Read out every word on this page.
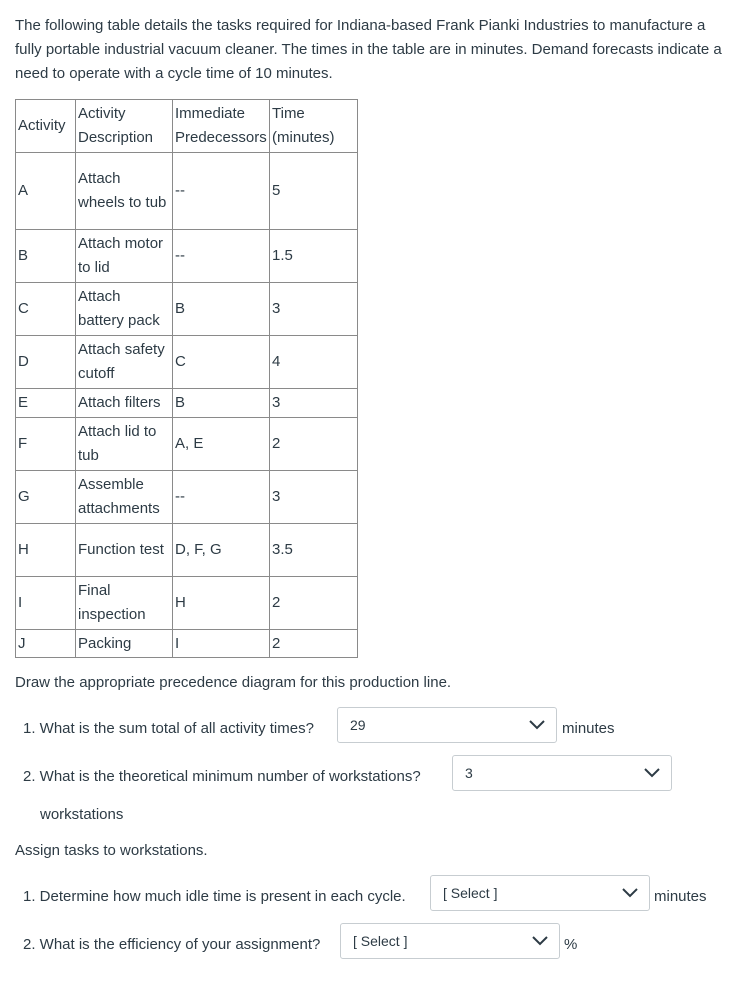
The following table details the tasks required for Indiana-based Frank Pianki Industries to manufacture a fully portable industrial vacuum cleaner. The times in the table are in minutes. Demand forecasts indicate a need to operate with a cycle time of 10 minutes.
Activity	Activity Description	Immediate Predecessors	Time (minutes)
A	Attach wheels to tub	--	5
B	Attach motor to lid	--	1.5
C	Attach battery pack	B	3
D	Attach safety cutoff	C	4
E	Attach filters	B	3
F	Attach lid to tub	A, E	2
G	Assemble attachments	--	3
H	Function test	D, F, G	3.5
I	Final inspection	H	2
J	Packing	I	2
Draw the appropriate precedence diagram for this production line.
1. What is the sum total of all activity times?	29	minutes
2. What is the theoretical minimum number of workstations?	3
workstations
Assign tasks to workstations.
1. Determine how much idle time is present in each cycle.	[ Select ]	minutes
2. What is the efficiency of your assignment? [ Select ]	%
